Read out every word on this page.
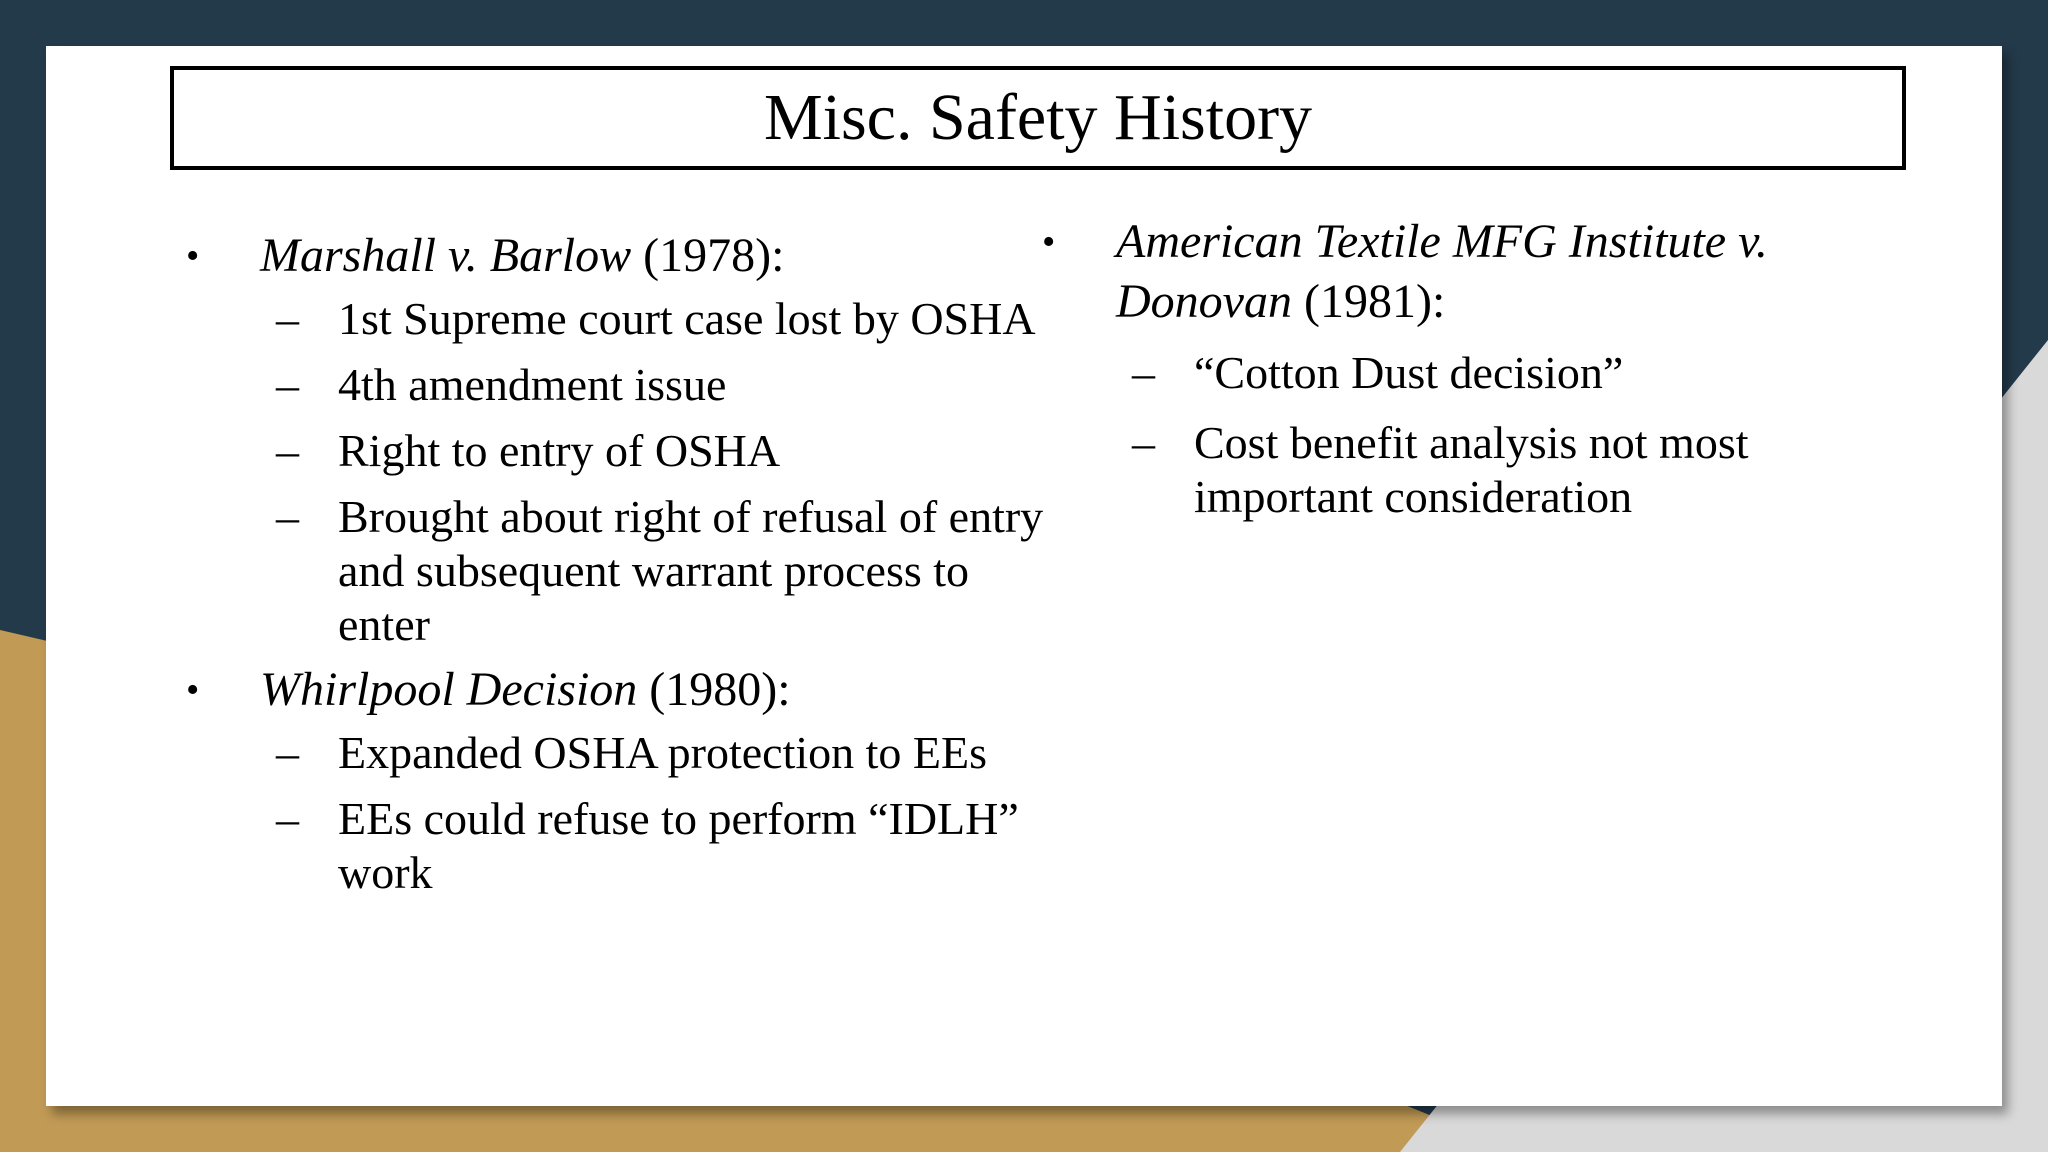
Misc. Safety History
•	Marshall v. Barlow (1978):
– 1st Supreme court case lost by OSHA
– 4th amendment issue
– Right to entry of OSHA
– Brought about right of refusal of entry and subsequent warrant process to enter
•	Whirlpool Decision (1980):
– Expanded OSHA protection to EEs
– EEs could refuse to perform “IDLH” work
•	American Textile MFG Institute v. Donovan (1981):
– “Cotton Dust decision”
– Cost benefit analysis not most important consideration
